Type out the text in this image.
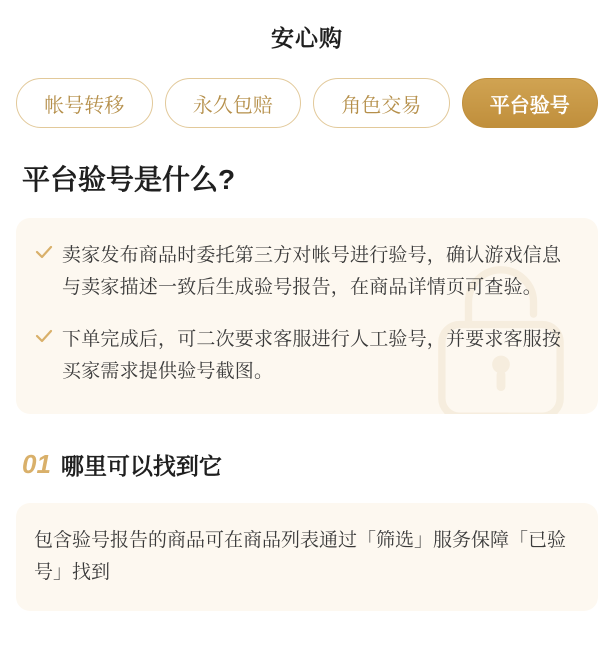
安心购
帐号转移	永久包赔	角色交易	平台验号
平台验号是什么?
卖家发布商品时委托第三方对帐号进行验号，确认游戏信息与卖家描述一致后生成验号报告，在商品详情页可查验。
下单完成后，可二次要求客服进行人工验号，并要求客服按买家需求提供验号截图。
01 哪里可以找到它
包含验号报告的商品可在商品列表通过「筛选」服务保障「已验号」找到
